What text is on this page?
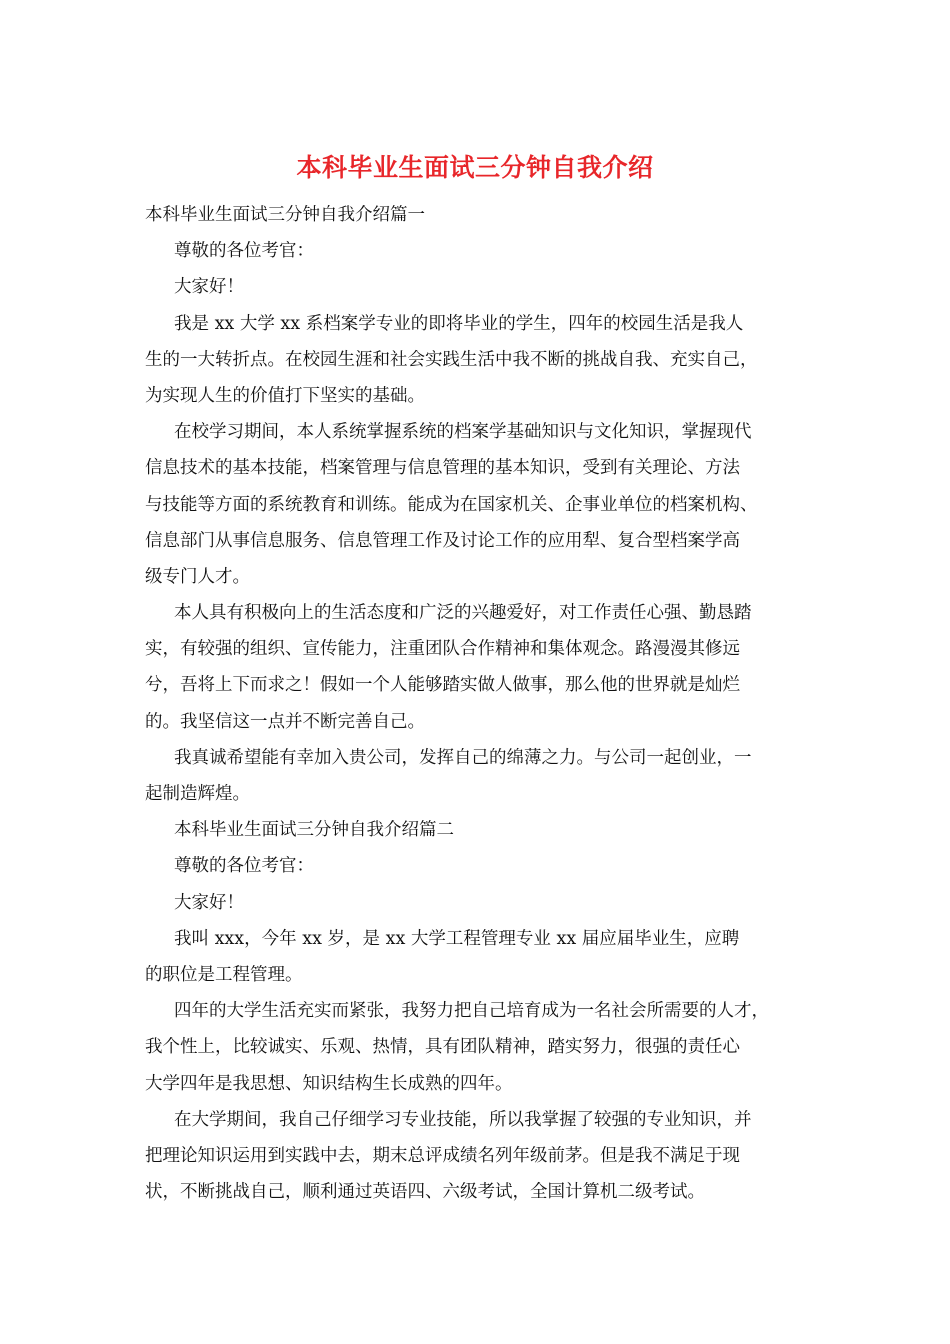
本科毕业生面试三分钟自我介绍
本科毕业生面试三分钟自我介绍篇一
尊敬的各位考官：
大家好！
我是 xx 大学 xx 系档案学专业的即将毕业的学生，四年的校园生活是我人
生的一大转折点。在校园生涯和社会实践生活中我不断的挑战自我、充实自己，
为实现人生的价值打下坚实的基础。
在校学习期间，本人系统掌握系统的档案学基础知识与文化知识，掌握现代
信息技术的基本技能，档案管理与信息管理的基本知识，受到有关理论、方法
与技能等方面的系统教育和训练。能成为在国家机关、企事业单位的档案机构、
信息部门从事信息服务、信息管理工作及讨论工作的应用犁、复合型档案学高
级专门人才。
本人具有积极向上的生活态度和广泛的兴趣爱好，对工作责任心强、勤恳踏
实，有较强的组织、宣传能力，注重团队合作精神和集体观念。路漫漫其修远
兮，吾将上下而求之！假如一个人能够踏实做人做事，那么他的世界就是灿烂
的。我坚信这一点并不断完善自己。
我真诚希望能有幸加入贵公司，发挥自己的绵薄之力。与公司一起创业，一
起制造辉煌。
本科毕业生面试三分钟自我介绍篇二
尊敬的各位考官：
大家好！
我叫 xxx，今年 xx 岁，是 xx 大学工程管理专业 xx 届应届毕业生，应聘
的职位是工程管理。
四年的大学生活充实而紧张，我努力把自己培育成为一名社会所需要的人才，
我个性上，比较诚实、乐观、热情，具有团队精神，踏实努力，很强的责任心
大学四年是我思想、知识结构生长成熟的四年。
在大学期间，我自己仔细学习专业技能，所以我掌握了较强的专业知识，并
把理论知识运用到实践中去，期末总评成绩名列年级前茅。但是我不满足于现
状，不断挑战自己，顺利通过英语四、六级考试，全国计算机二级考试。
